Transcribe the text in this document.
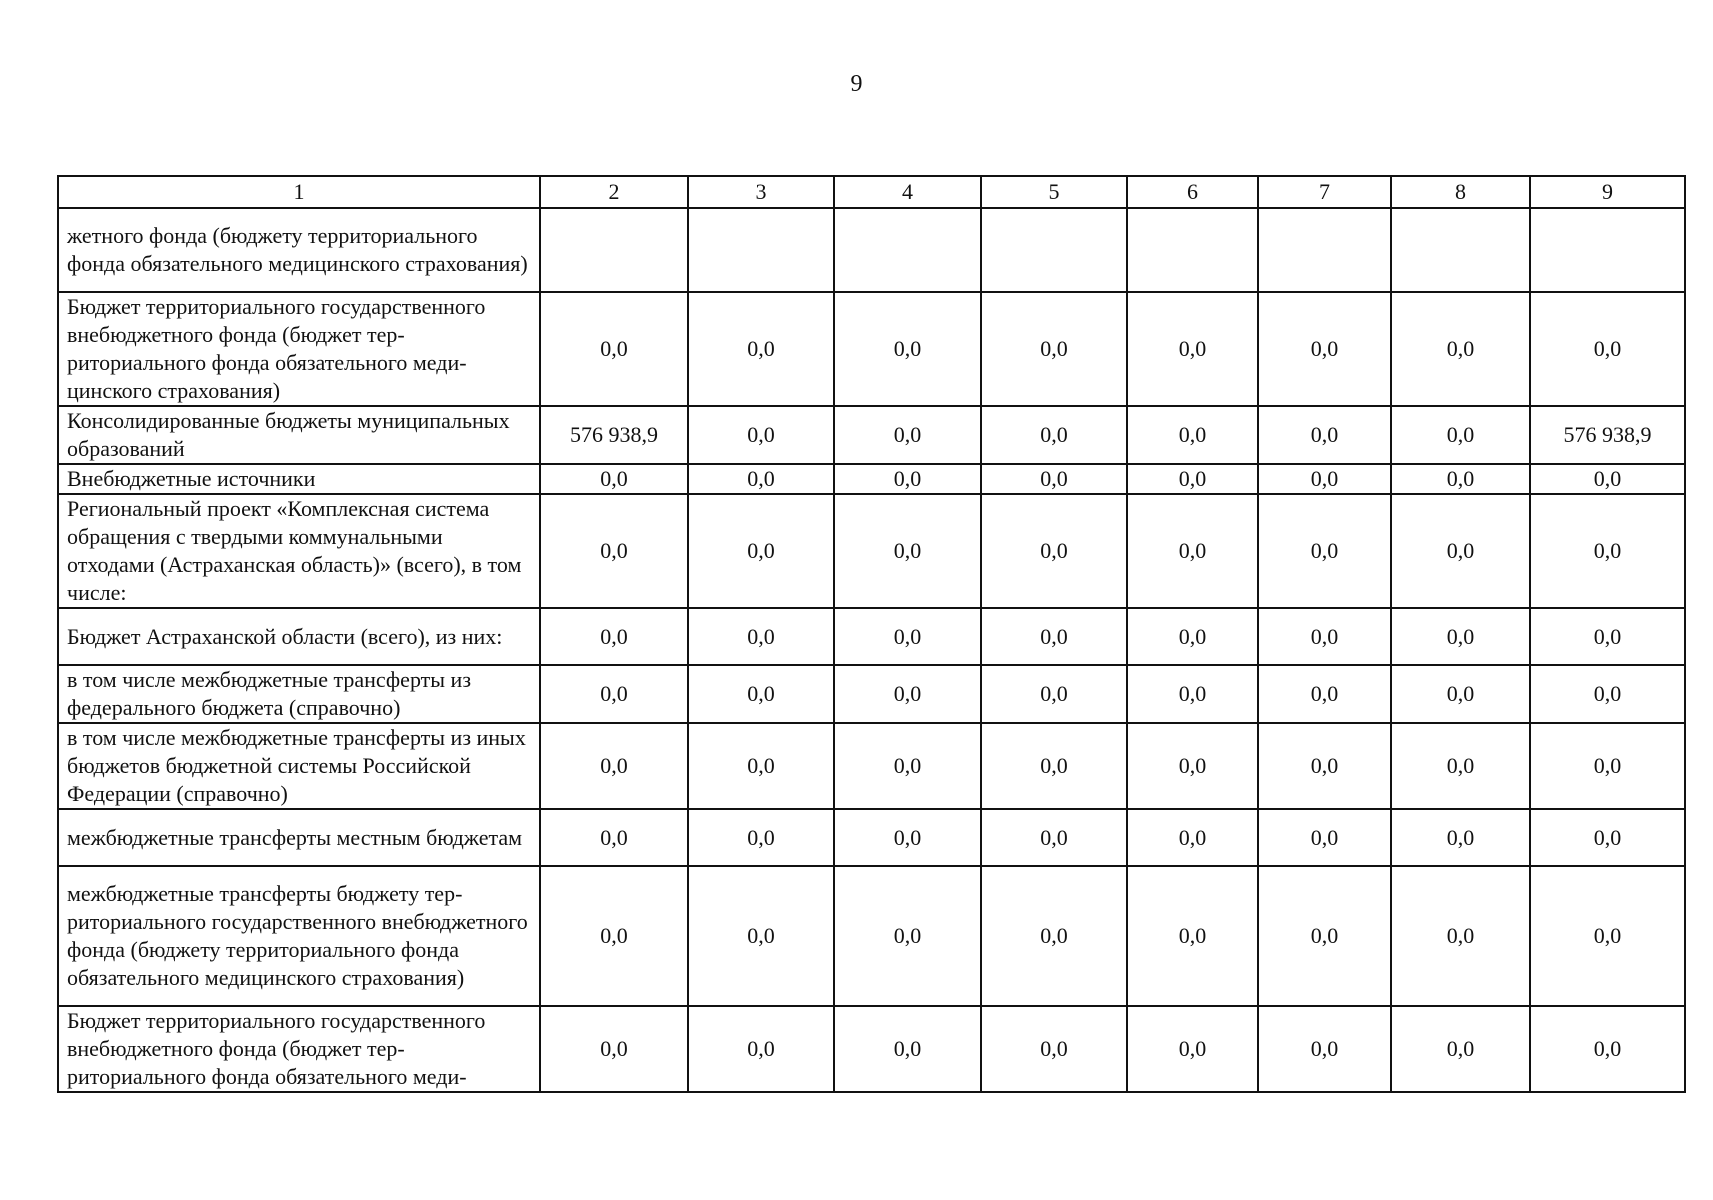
9
1	2	3	4	5	6	7	8	9
жетного фонда (бюджету территориального фонда обязательного медицинского страхования)								
Бюджет территориального государственного внебюджетного фонда (бюджет территориального фонда обязательного медицинского страхования)	0,0	0,0	0,0	0,0	0,0	0,0	0,0	0,0
Консолидированные бюджеты муниципальных образований	576 938,9	0,0	0,0	0,0	0,0	0,0	0,0	576 938,9
Внебюджетные источники	0,0	0,0	0,0	0,0	0,0	0,0	0,0	0,0
Региональный проект «Комплексная система обращения с твердыми коммунальными отходами (Астраханская область)» (всего), в том числе:	0,0	0,0	0,0	0,0	0,0	0,0	0,0	0,0
Бюджет Астраханской области (всего), из них:	0,0	0,0	0,0	0,0	0,0	0,0	0,0	0,0
в том числе межбюджетные трансферты из федерального бюджета (справочно)	0,0	0,0	0,0	0,0	0,0	0,0	0,0	0,0
в том числе межбюджетные трансферты из иных бюджетов бюджетной системы Российской Федерации (справочно)	0,0	0,0	0,0	0,0	0,0	0,0	0,0	0,0
межбюджетные трансферты местным бюджетам	0,0	0,0	0,0	0,0	0,0	0,0	0,0	0,0
межбюджетные трансферты бюджету территориального государственного внебюджетного фонда (бюджету территориального фонда обязательного медицинского страхования)	0,0	0,0	0,0	0,0	0,0	0,0	0,0	0,0
Бюджет территориального государственного внебюджетного фонда (бюджет территориального фонда обязательного меди-	0,0	0,0	0,0	0,0	0,0	0,0	0,0	0,0
